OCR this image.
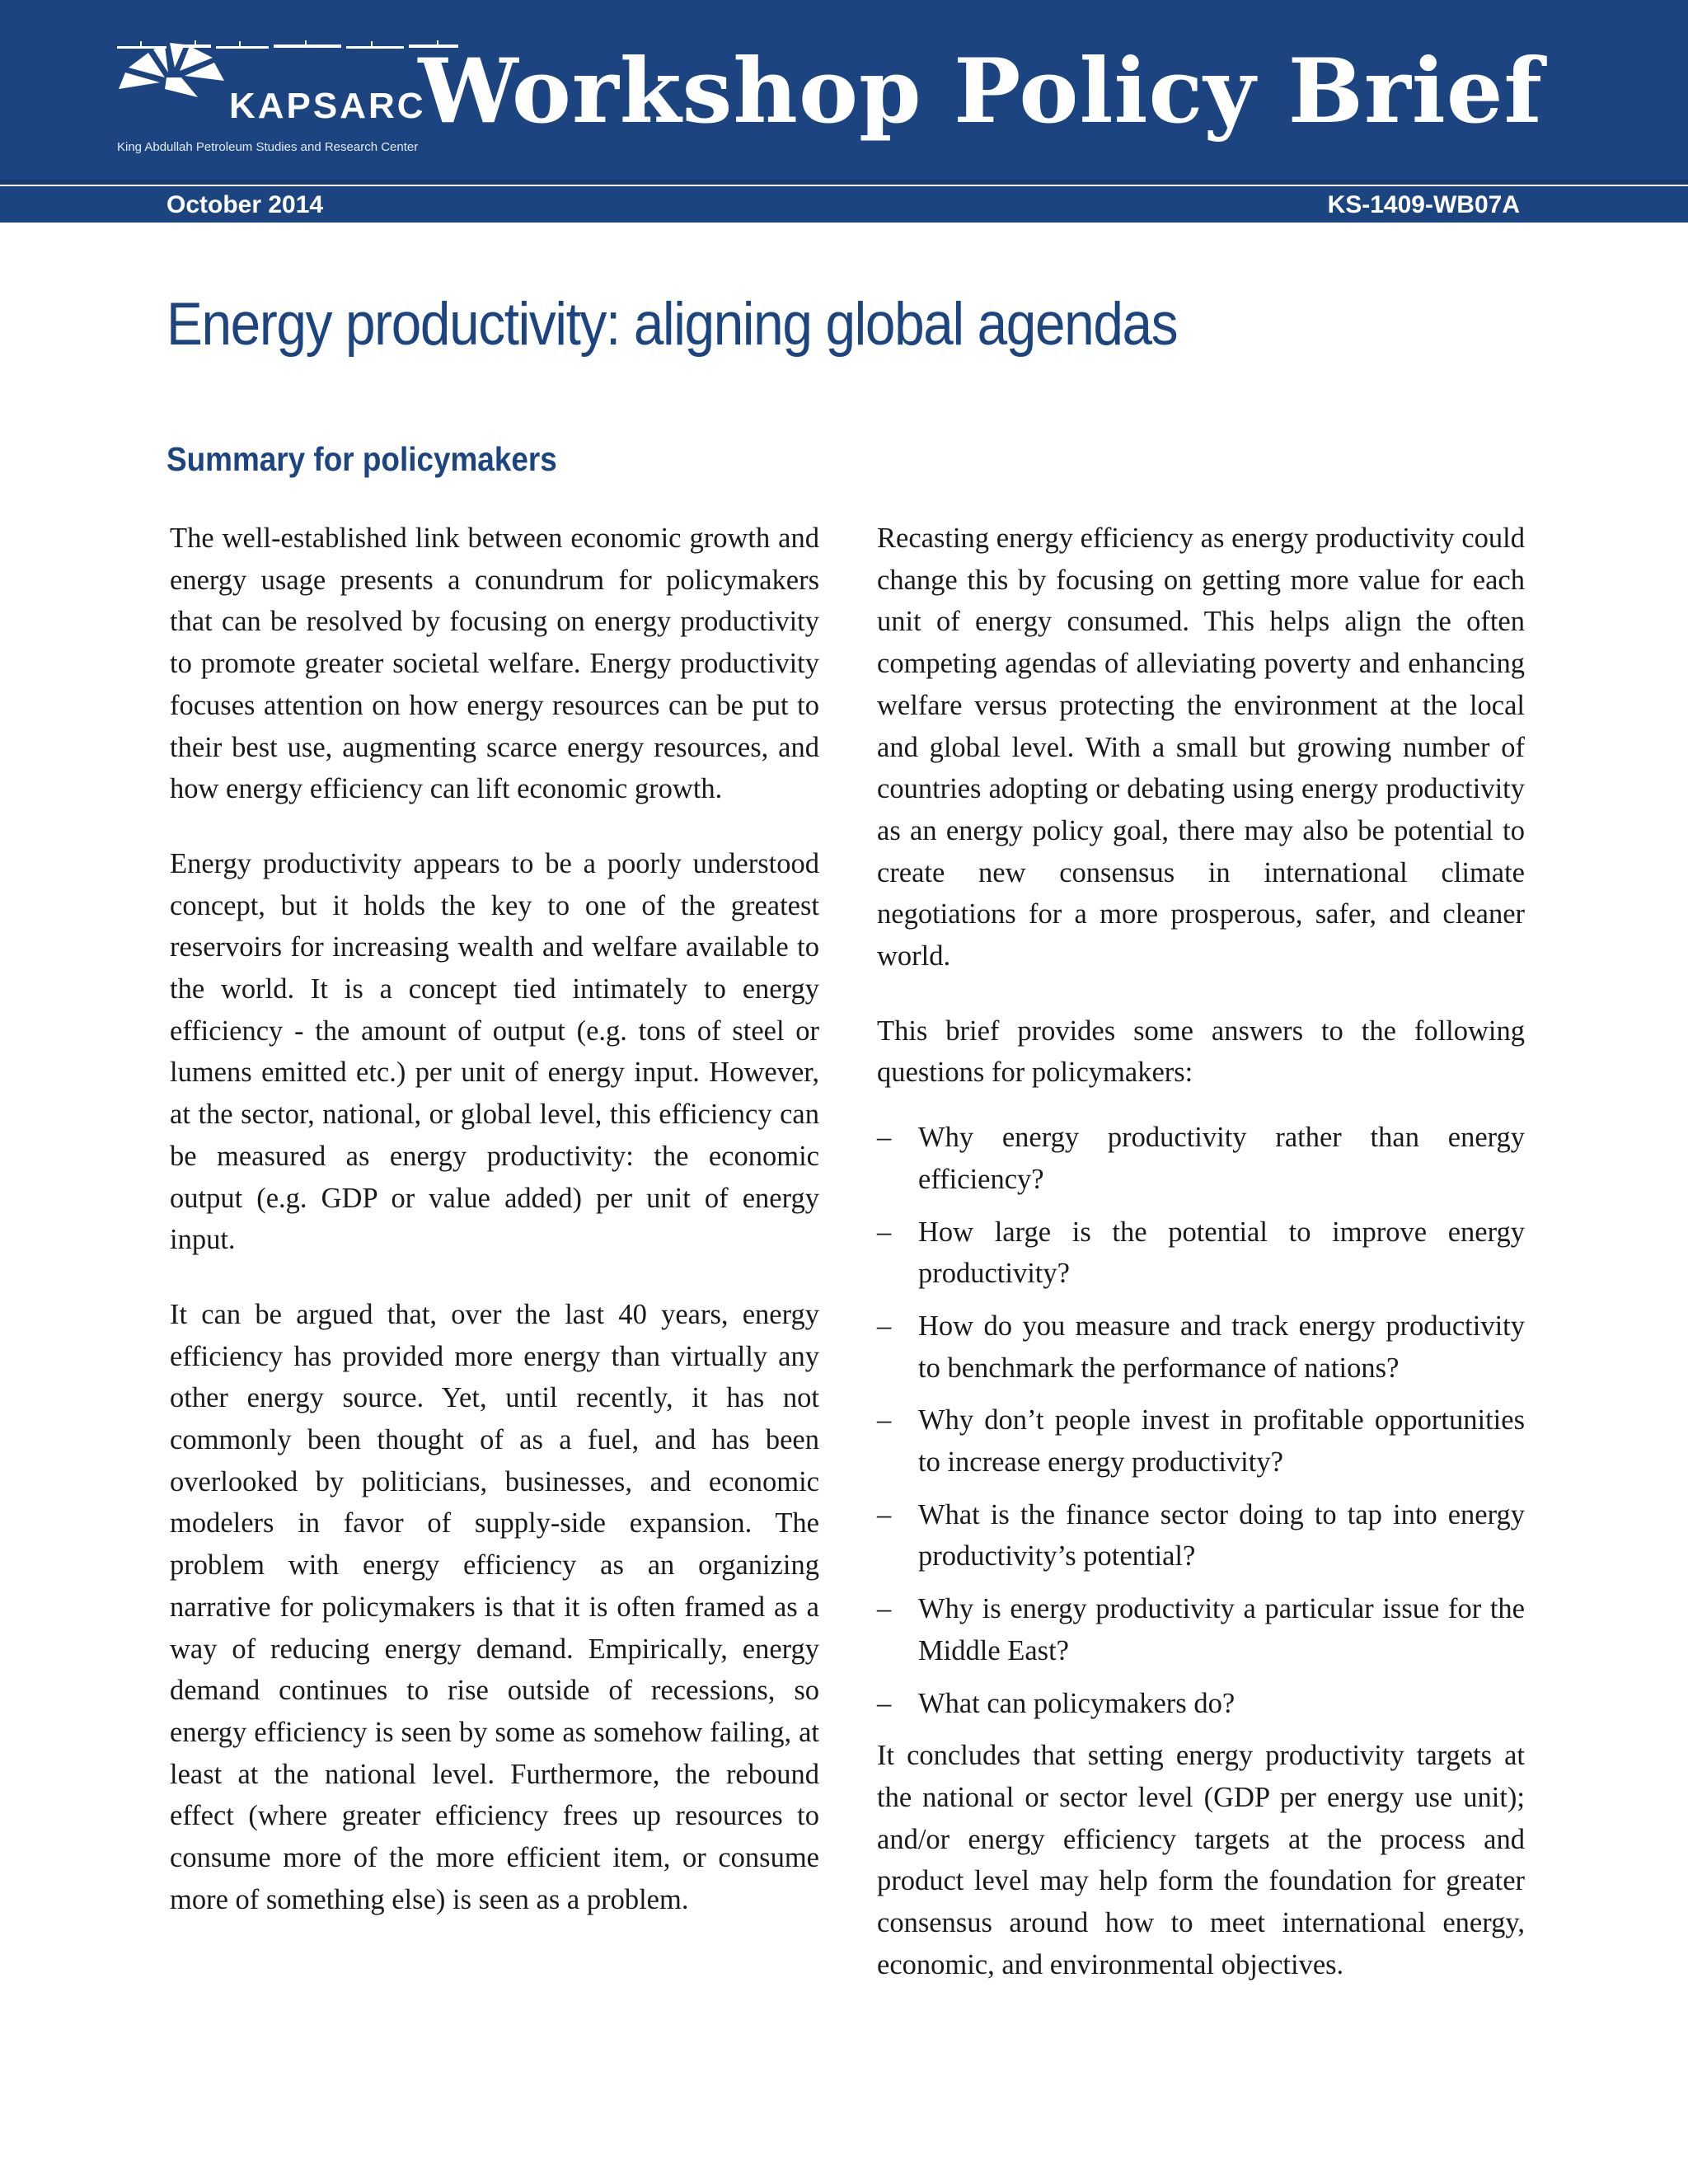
KAPSARC
King Abdullah Petroleum Studies and Research Center
Workshop Policy Brief
October 2014	KS-1409-WB07A
Energy productivity: aligning global agendas
Summary for policymakers

The well-established link between economic growth and energy usage presents a conundrum for policymakers that can be resolved by focusing on energy productivity to promote greater societal welfare. Energy productivity focuses attention on how energy resources can be put to their best use, augmenting scarce energy resources, and how energy efficiency can lift economic growth.

Energy productivity appears to be a poorly understood concept, but it holds the key to one of the greatest reservoirs for increasing wealth and welfare available to the world. It is a concept tied intimately to energy efficiency - the amount of output (e.g. tons of steel or lumens emitted etc.) per unit of energy input. However, at the sector, national, or global level, this efficiency can be measured as energy productivity: the economic output (e.g. GDP or value added) per unit of energy input.

It can be argued that, over the last 40 years, energy efficiency has provided more energy than virtually any other energy source. Yet, until recently, it has not commonly been thought of as a fuel, and has been overlooked by politicians, businesses, and economic modelers in favor of supply-side expansion. The problem with energy efficiency as an organizing narrative for policymakers is that it is often framed as a way of reducing energy demand. Empirically, energy demand continues to rise outside of recessions, so energy efficiency is seen by some as somehow failing, at least at the national level. Furthermore, the rebound effect (where greater efficiency frees up resources to consume more of the more efficient item, or consume more of something else) is seen as a problem.

Recasting energy efficiency as energy productivity could change this by focusing on getting more value for each unit of energy consumed. This helps align the often competing agendas of alleviating poverty and enhancing welfare versus protecting the environment at the local and global level. With a small but growing number of countries adopting or debating using energy productivity as an energy policy goal, there may also be potential to create new consensus in international climate negotiations for a more prosperous, safer, and cleaner world.

This brief provides some answers to the following questions for policymakers:

– Why energy productivity rather than energy efficiency?
– How large is the potential to improve energy productivity?
– How do you measure and track energy productivity to benchmark the performance of nations?
– Why don’t people invest in profitable opportunities to increase energy productivity?
– What is the finance sector doing to tap into energy productivity’s potential?
– Why is energy productivity a particular issue for the Middle East?
– What can policymakers do?

It concludes that setting energy productivity targets at the national or sector level (GDP per energy use unit); and/or energy efficiency targets at the process and product level may help form the foundation for greater consensus around how to meet international energy, economic, and environmental objectives.
